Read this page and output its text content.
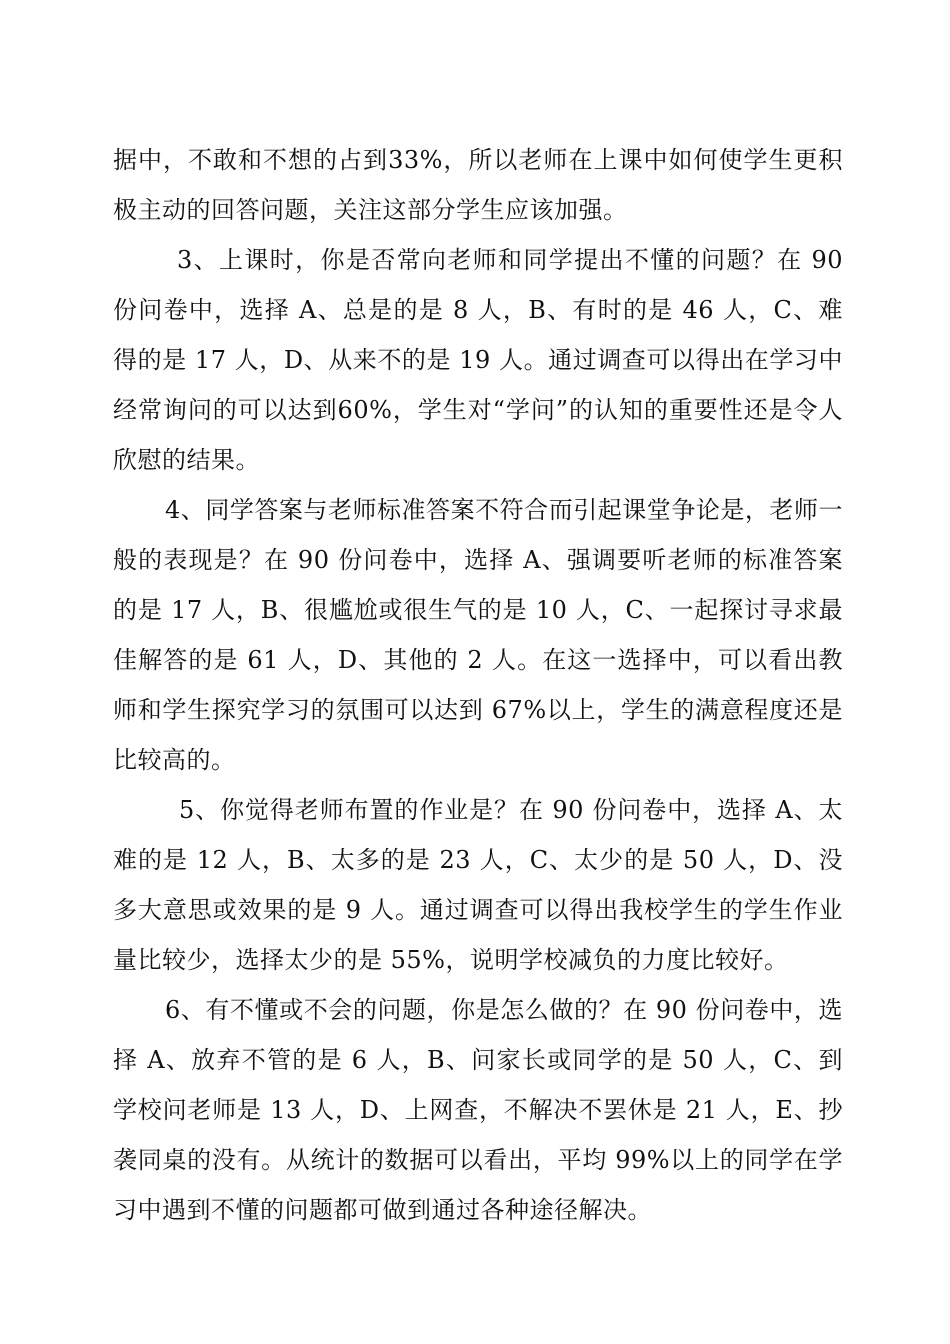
据中，不敢和不想的占到33%，所以老师在上课中如何使学生更积极主动的回答问题，关注这部分学生应该加强。

3、上课时，你是否常向老师和同学提出不懂的问题？在 90 份问卷中，选择 A、总是的是 8 人，B、有时的是 46 人，C、难得的是 17 人，D、从来不的是 19 人。通过调查可以得出在学习中经常询问的可以达到60%，学生对“学问”的认知的重要性还是令人欣慰的结果。

4、同学答案与老师标准答案不符合而引起课堂争论是，老师一般的表现是？在 90 份问卷中，选择 A、强调要听老师的标准答案的是 17 人，B、很尴尬或很生气的是 10 人，C、一起探讨寻求最佳解答的是 61 人，D、其他的 2 人。在这一选择中，可以看出教师和学生探究学习的氛围可以达到 67%以上，学生的满意程度还是比较高的。

5、你觉得老师布置的作业是？在 90 份问卷中，选择 A、太难的是 12 人，B、太多的是 23 人，C、太少的是 50 人，D、没多大意思或效果的是 9 人。通过调查可以得出我校学生的学生作业量比较少，选择太少的是 55%，说明学校减负的力度比较好。

6、有不懂或不会的问题，你是怎么做的？在 90 份问卷中，选择 A、放弃不管的是 6 人，B、问家长或同学的是 50 人，C、到学校问老师是 13 人，D、上网查，不解决不罢休是 21 人，E、抄袭同桌的没有。从统计的数据可以看出，平均 99%以上的同学在学习中遇到不懂的问题都可做到通过各种途径解决。
